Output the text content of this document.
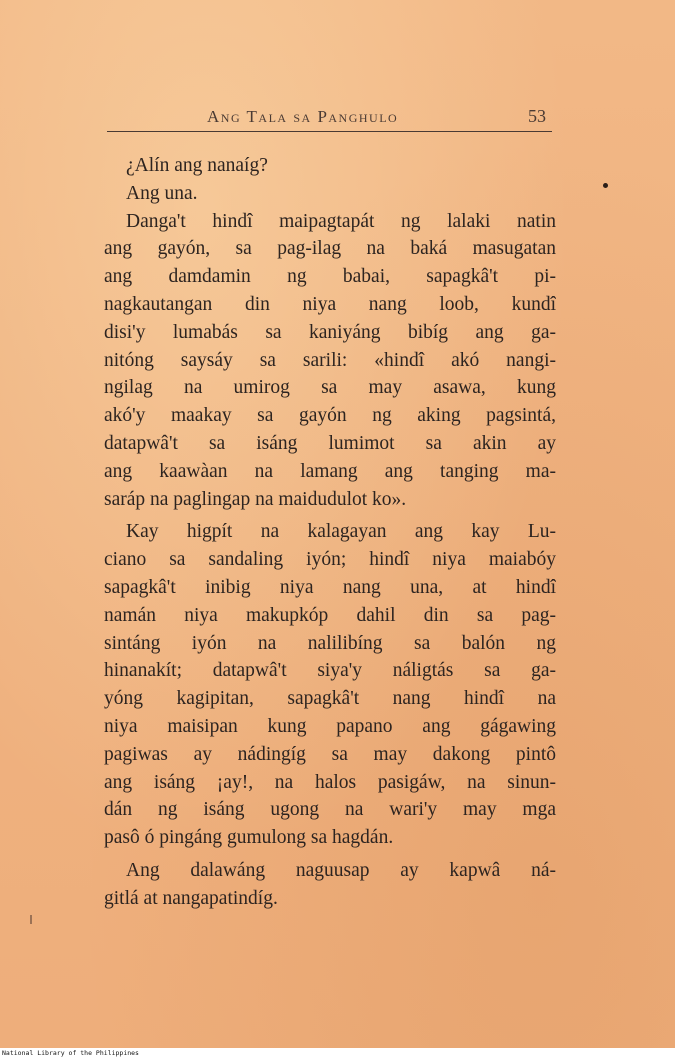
Ang Tala sa Panghulo	53
¿Alín ang nanaíg?
Ang una.
Danga't hindî maipagtapát ng lalaki natin
ang gayón, sa pag-ilag na baká masugatan
ang damdamin ng babai, sapagkâ't pi-
nagkautangan din niya nang loob, kundî
disi'y lumabás sa kaniyáng bibíg ang ga-
nitóng saysáy sa sarili: «hindî akó nangi-
ngilag na umirog sa may asawa, kung
akó'y maakay sa gayón ng aking pagsintá,
datapwâ't sa isáng lumimot sa akin ay
ang kaawàan na lamang ang tanging ma-
saráp na paglingap na maidudulot ko».
Kay higpít na kalagayan ang kay Lu-
ciano sa sandaling iyón; hindî niya maiabóy
sapagkâ't inibig niya nang una, at hindî
namán niya makupkóp dahil din sa pag-
sintáng iyón na nalilibíng sa balón ng
hinanakít; datapwâ't siya'y náligtás sa ga-
yóng kagipitan, sapagkâ't nang hindî na
niya maisipan kung papano ang gágawing
pagiwas ay nádingíg sa may dakong pintô
ang isáng ¡ay!, na halos pasigáw, na sinun-
dán ng isáng ugong na wari'y may mga
pasô ó pingáng gumulong sa hagdán.
Ang dalawáng naguusap ay kapwâ ná-
gitlá at nangapatindíg.
National Library of the Philippines
